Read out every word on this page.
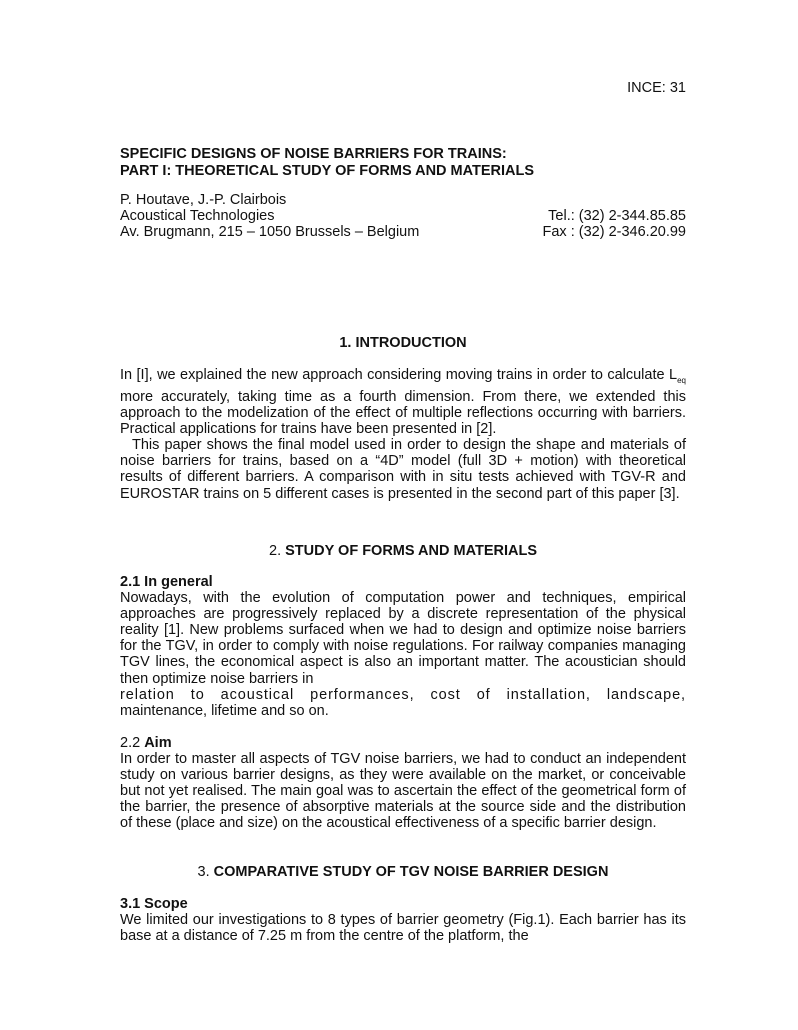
INCE: 31
SPECIFIC DESIGNS OF NOISE BARRIERS FOR TRAINS:
PART I: THEORETICAL STUDY OF FORMS AND MATERIALS
P. Houtave, J.-P. Clairbois
Acoustical Technologies	Tel.: (32) 2-344.85.85
Av. Brugmann, 215 – 1050 Brussels – Belgium	Fax : (32) 2-346.20.99
1. INTRODUCTION

In [I], we explained the new approach considering moving trains in order to calculate $L_{eq}$ more accurately, taking time as a fourth dimension. From there, we extended this approach to the modelization of the effect of multiple reflections occurring with barriers. Practical applications for trains have been presented in [2].

This paper shows the final model used in order to design the shape and materials of noise barriers for trains, based on a “4D” model (full 3D + motion) with theoretical results of different barriers. A comparison with in situ tests achieved with TGV-R and EUROSTAR trains on 5 different cases is presented in the second part of this paper [3].

2. STUDY OF FORMS AND MATERIALS

2.1 In general

Nowadays, with the evolution of computation power and techniques, empirical approaches are progressively replaced by a discrete representation of the physical reality [1]. New problems surfaced when we had to design and optimize noise barriers for the TGV, in order to comply with noise regulations. For railway companies managing TGV lines, the economical aspect is also an important matter. The acoustician should then optimize noise barriers in

relation to acoustical performances, cost of installation, landscape,

maintenance, lifetime and so on.

2.2 Aim

In order to master all aspects of TGV noise barriers, we had to conduct an independent study on various barrier designs, as they were available on the market, or conceivable but not yet realised. The main goal was to ascertain the effect of the geometrical form of the barrier, the presence of absorptive materials at the source side and the distribution of these (place and size) on the acoustical effectiveness of a specific barrier design.

3. COMPARATIVE STUDY OF TGV NOISE BARRIER DESIGN

3.1 Scope

We limited our investigations to 8 types of barrier geometry (Fig.1). Each barrier has its base at a distance of 7.25 m from the centre of the platform, the
